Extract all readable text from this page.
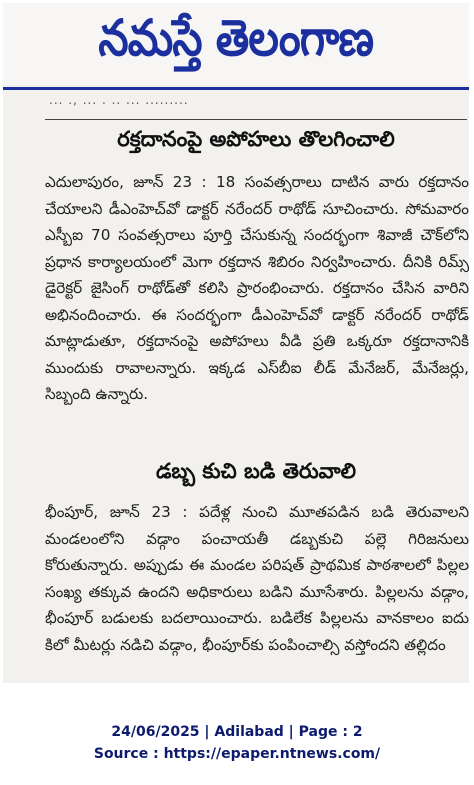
నమస్తే తెలంగాణ
... ., ... . .. ... .........
రక్తదానంపై అపోహలు తొలగించాలి
ఎదులాపురం, జూన్ 23 : 18 సంవత్సరాలు దాటిన వారు రక్తదానం చేయాలని డీఎంహెచ్‌వో డాక్టర్ నరేందర్ రాథోడ్ సూచించారు. సోమవారం ఎస్బీఐ 70 సంవత్సరాలు పూర్తి చేసుకున్న సందర్భంగా శివాజీ చౌక్‌లోని ప్రధాన కార్యాలయంలో మెగా రక్తదాన శిబిరం నిర్వహించారు. దీనికి రిమ్స్ డైరెక్టర్ జైసింగ్ రాథోడ్‌తో కలిసి ప్రారంభించారు. రక్తదానం చేసిన వారిని అభినందించారు. ఈ సందర్భంగా డీఎంహెచ్‌వో డాక్టర్ నరేందర్ రాథోడ్ మాట్లాడుతూ, రక్తదానంపై అపోహలు వీడి ప్రతి ఒక్కరూ రక్తదానానికి ముందుకు రావాలన్నారు. ఇక్కడ ఎస్‌బీఐ లీడ్ మేనేజర్, మేనేజర్లు, సిబ్బంది ఉన్నారు.
డబ్బ కుచి బడి తెరువాలి
భీంపూర్, జూన్ 23 : పదేళ్ల నుంచి మూతపడిన బడి తెరువాలని మండలంలోని వడ్గాం పంచాయతీ డబ్బకుచి పల్లె గిరిజనులు కోరుతున్నారు. అప్పుడు ఈ మండల పరిషత్ ప్రాథమిక పాఠశాలలో పిల్లల సంఖ్య తక్కువ ఉందని అధికారులు బడిని మూసేశారు. పిల్లలను వడ్గాం, భీంపూర్ బడులకు బదలాయించారు. బడిలేక పిల్లలను వానకాలం ఐదు కిలో మీటర్లు నడిచి వడ్గాం, భీంపూర్‌కు పంపించాల్సి వస్తోందని తల్లిదం
24/06/2025 | Adilabad | Page : 2
Source : https://epaper.ntnews.com/
